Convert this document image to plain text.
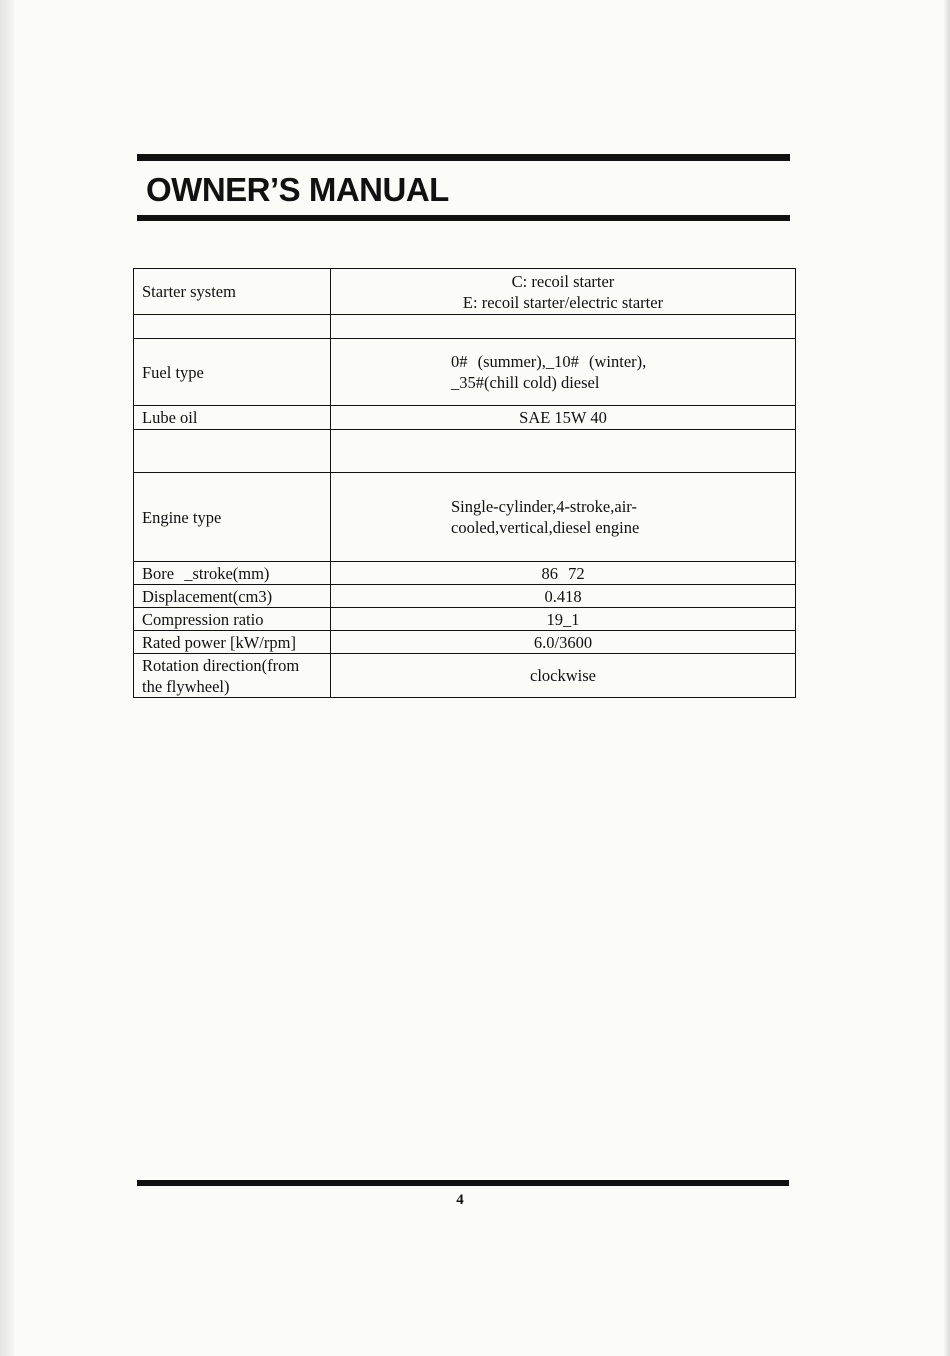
OWNER’S MANUAL
Starter system	C: recoil starter
E: recoil starter/electric starter

Fuel type	0# (summer),_10# (winter),
_35#(chill cold) diesel

Lube oil	SAE 15W 40

Engine type	Single-cylinder,4-stroke,air-
cooled,vertical,diesel engine

Bore _stroke(mm)	86 72
Displacement(cm3)	0.418
Compression ratio	19_1
Rated power [kW/rpm]	6.0/3600
Rotation direction(from the flywheel)	clockwise
4
